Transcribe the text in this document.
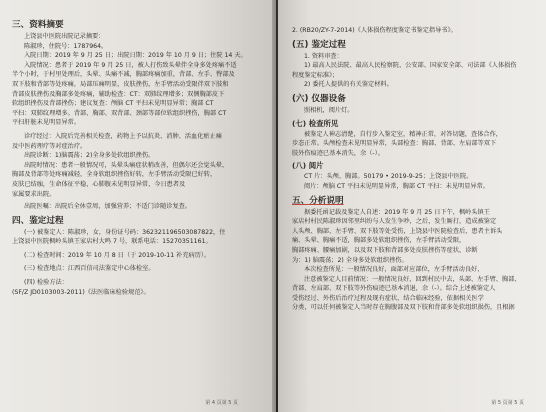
三、资料摘要

上饶县中医院出院记录摘要：

陈淑珍，住院号：1787964。

入院日期：2019 年 9 月 25 日；出院日期：2019 年 10 月 9 日；住院 14 天。

入院情况：患者于 2019 年 9 月 25 日，被人打伤致头晕伴全身多处疼痛不适

半个小时，于村里处理后，头晕、头痛不减，胸部疼痛加重，背部、左手、臀部及

双下肢和背部等处疼痛，局部压痛明显，皮肤挫伤，左手臂活动受限伴双下肢和

背部皮肤挫伤及胸部多处疼痛，辅助检查：CT：双肺纹理增多；双侧胸部皮下

软组织挫伤及背部挫伤；建议复查：颅脑 CT 平扫未见明显异常；胸部 CT

平扫：双肺纹理增多。背部、胸部、双背部、颈部等部位软组织挫伤，胸部 CT

平扫肝脏未见明显异常。

诊疗经过：入院后完善相关检查，药物上予以抗炎、消肿、活血化瘀止痛

及中医药理疗等对症治疗。

出院诊断：1)脑震荡；2)全身多处软组织挫伤。

出院时情况：患者一般情况可，头晕头痛症状稍改善，但偶尔还会觉头晕，

胸部及背部等处疼痛减轻，全身软组织挫伤好转，左手臂活动受限已好转，

皮肤已结痂，生命体征平稳，心肺腹未见明显异常，今日患者及

家属要求出院。

出院医嘱：出院后全休壹周，加强营养；不适门诊随诊复查。

四、鉴定过程

(一) 被鉴定人：陈淑珍，女，身份证号码：362321196503087822，住

上饶县中医院枫岭头镇王家店村大鸣 7 号，联系电话：15270351161。

(二) 检查时间：2019 年 10 月 8 日（于 2019-10-11 补充病历）。

(三) 检查地点：江西百信司法鉴定中心体检室。

(四) 检验方法：

(SF/Z JD0103003-2011)《法医临床检验规范》。

第 4 页第 5 页

2. (RB20/ZY-7-2014)《人体损伤程度鉴定书鉴定指导书》。

(五) 鉴定过程

1. 资料审查：

1) 最高人民法院、最高人民检察院、公安部、国家安全部、司法部《人体损伤

程度鉴定标准》；

2) 委托人提供的有关鉴定材料。

(六) 仪器设备

照相机，阅片灯。

(七) 检查所见

被鉴定人神志清楚，自行步入鉴定室，精神正常，对答切题，查体合作，

步态正常。头颅检查未见明显异常，头部检查：胸部、背部、左肩部等双下

肢外伤痕迹已基本消失，余（-）。

(八) 阅片

CT 片：头颅、胸部。50179 • 2019-9-25；上饶县中医院。

阅片：颅脑 CT 平扫未见明显异常，胸部 CT 平扫：未见明显异常。

五、分析说明

据委托函记载及鉴定人自述：2019 年 9 月 25 日下午，枫岭头镇王

家店村村民陈淑珍因邻里纠纷与人发生争吵，之后，发生厮打，造成被鉴定

人头颅、胸部、左手臂、双下肢等处受伤，上饶县中医院检查后，患者主诉头

痛、头晕、胸痛不适，胸部多处软组织挫伤，左手臂活动受限，

胸部疼痛、腰痛加剧，以及双下肢和背部多处皮肤挫伤等症状，诊断

为：1) 脑震荡；2) 全身多处软组织挫伤。

本次检查所见：一般情况良好，面部对应部位，左手臂活动良好，

注意被鉴定人目前情况：一般情况良好，回到村民中去，头部、左手臂、胸部、

背部、左肩部、双下肢等外伤痕迹已基本消退，余（-）。综合上述被鉴定人

受伤经过、外伤后治疗过程及现有症状，结合临床经验，依据相关医学

分类，可以任何被鉴定人当时存在胸腹部及双下肢和背部多处软组织损伤，且根据

第 5 页第 5 页
